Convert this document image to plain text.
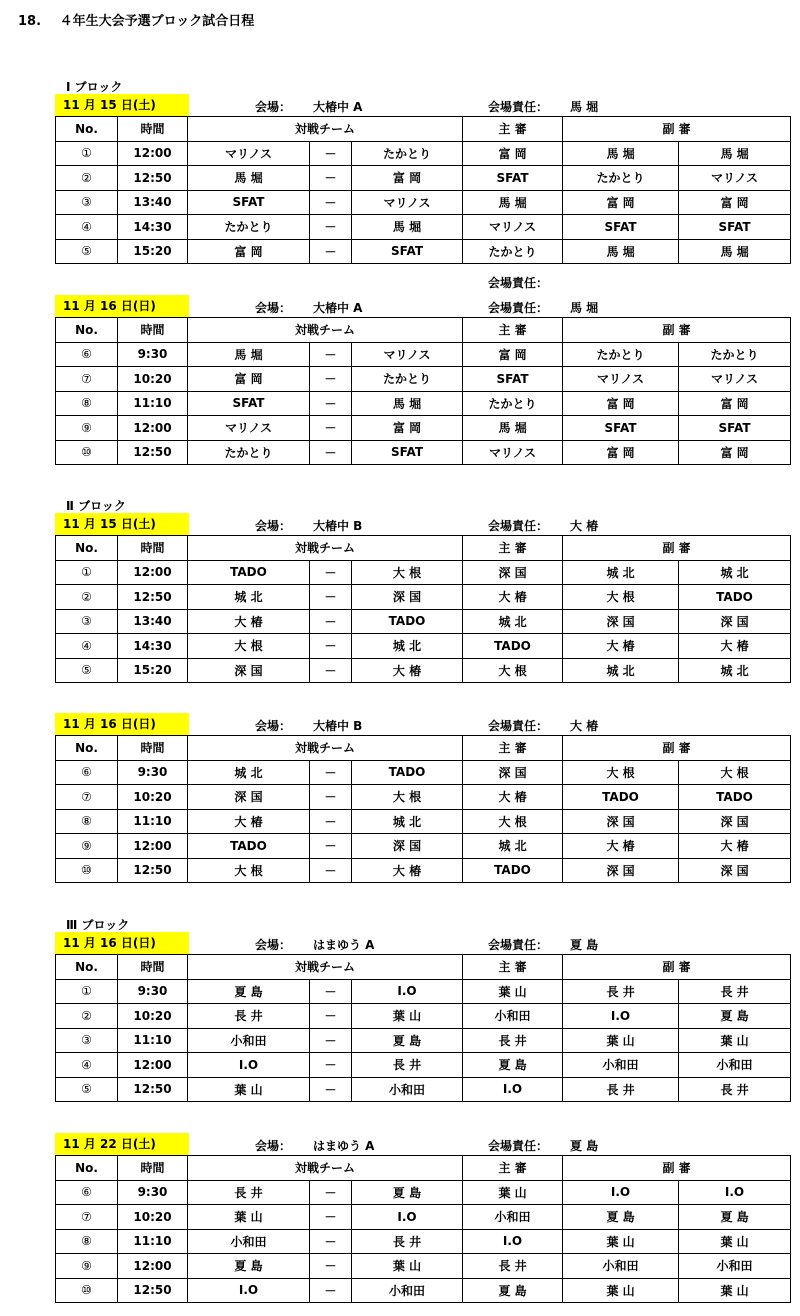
18. ４年生大会予選ブロック試合日程
Ⅰ ブロック
11 月 15 日(土)	会場： 大椿中 A	会場責任： 馬 堀
No.	時間	対戦チーム			主 審	副 審	
①	12:00	マリノス	－	たかとり	富 岡	馬 堀	馬 堀
②	12:50	馬 堀	－	富 岡	SFAT	たかとり	マリノス
③	13:40	SFAT	－	マリノス	馬 堀	富 岡	富 岡
④	14:30	たかとり	－	馬 堀	マリノス	SFAT	SFAT
⑤	15:20	富 岡	－	SFAT	たかとり	馬 堀	馬 堀
会場責任：
11 月 16 日(日)	会場： 大椿中 A	会場責任： 馬 堀
No.	時間	対戦チーム			主 審	副 審	
⑥	9:30	馬 堀	－	マリノス	富 岡	たかとり	たかとり
⑦	10:20	富 岡	－	たかとり	SFAT	マリノス	マリノス
⑧	11:10	SFAT	－	馬 堀	たかとり	富 岡	富 岡
⑨	12:00	マリノス	－	富 岡	馬 堀	SFAT	SFAT
⑩	12:50	たかとり	－	SFAT	マリノス	富 岡	富 岡
Ⅱ ブロック
11 月 15 日(土)	会場： 大椿中 B	会場責任： 大 椿
No.	時間	対戦チーム			主 審	副 審	
①	12:00	TADO	－	大 根	深 国	城 北	城 北
②	12:50	城 北	－	深 国	大 椿	大 根	TADO
③	13:40	大 椿	－	TADO	城 北	深 国	深 国
④	14:30	大 根	－	城 北	TADO	大 椿	大 椿
⑤	15:20	深 国	－	大 椿	大 根	城 北	城 北
11 月 16 日(日)	会場： 大椿中 B	会場責任： 大 椿
No.	時間	対戦チーム			主 審	副 審	
⑥	9:30	城 北	－	TADO	深 国	大 根	大 根
⑦	10:20	深 国	－	大 根	大 椿	TADO	TADO
⑧	11:10	大 椿	－	城 北	大 根	深 国	深 国
⑨	12:00	TADO	－	深 国	城 北	大 椿	大 椿
⑩	12:50	大 根	－	大 椿	TADO	深 国	深 国
Ⅲ ブロック
11 月 16 日(日)	会場： はまゆう A	会場責任： 夏 島
No.	時間	対戦チーム			主 審	副 審	
①	9:30	夏 島	－	I.O	葉 山	長 井	長 井
②	10:20	長 井	－	葉 山	小和田	I.O	夏 島
③	11:10	小和田	－	夏 島	長 井	葉 山	葉 山
④	12:00	I.O	－	長 井	夏 島	小和田	小和田
⑤	12:50	葉 山	－	小和田	I.O	長 井	長 井
11 月 22 日(土)	会場： はまゆう A	会場責任： 夏 島
No.	時間	対戦チーム			主 審	副 審	
⑥	9:30	長 井	－	夏 島	葉 山	I.O	I.O
⑦	10:20	葉 山	－	I.O	小和田	夏 島	夏 島
⑧	11:10	小和田	－	長 井	I.O	葉 山	葉 山
⑨	12:00	夏 島	－	葉 山	長 井	小和田	小和田
⑩	12:50	I.O	－	小和田	夏 島	葉 山	葉 山
